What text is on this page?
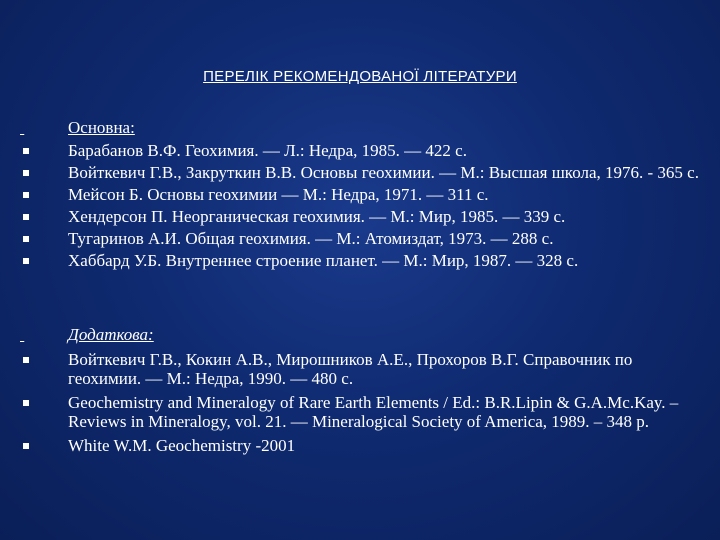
ПЕРЕЛІК РЕКОМЕНДОВАНОЇ ЛІТЕРАТУРИ
Основна:
Барабанов В.Ф. Геохимия. — Л.: Недра, 1985. — 422 с.
Войткевич Г.В., Закруткин В.В. Основы геохимии. — М.: Высшая школа, 1976. - 365 с.
Мейсон Б. Основы геохимии — М.: Недра, 1971. — 311 с.
Хендерсон П. Неорганическая геохимия. — М.: Мир, 1985. — 339 с.
Тугаринов А.И. Общая геохимия. — М.: Атомиздат, 1973. — 288 с.
Хаббард У.Б. Внутреннее строение планет. — М.: Мир, 1987. — 328 с.
Додаткова:
Войткевич Г.В., Кокин А.В., Мирошников А.Е., Прохоров В.Г. Справочник по геохимии. — М.: Недра, 1990. — 480 с.
Geochemistry and Mineralogy of Rare Earth Elements / Ed.: B.R.Lipin & G.A.Mc.Kay. – Reviews in Mineralogy, vol. 21. — Mineralogical Society of America, 1989. – 348 p.
White W.M. Geochemistry -2001
